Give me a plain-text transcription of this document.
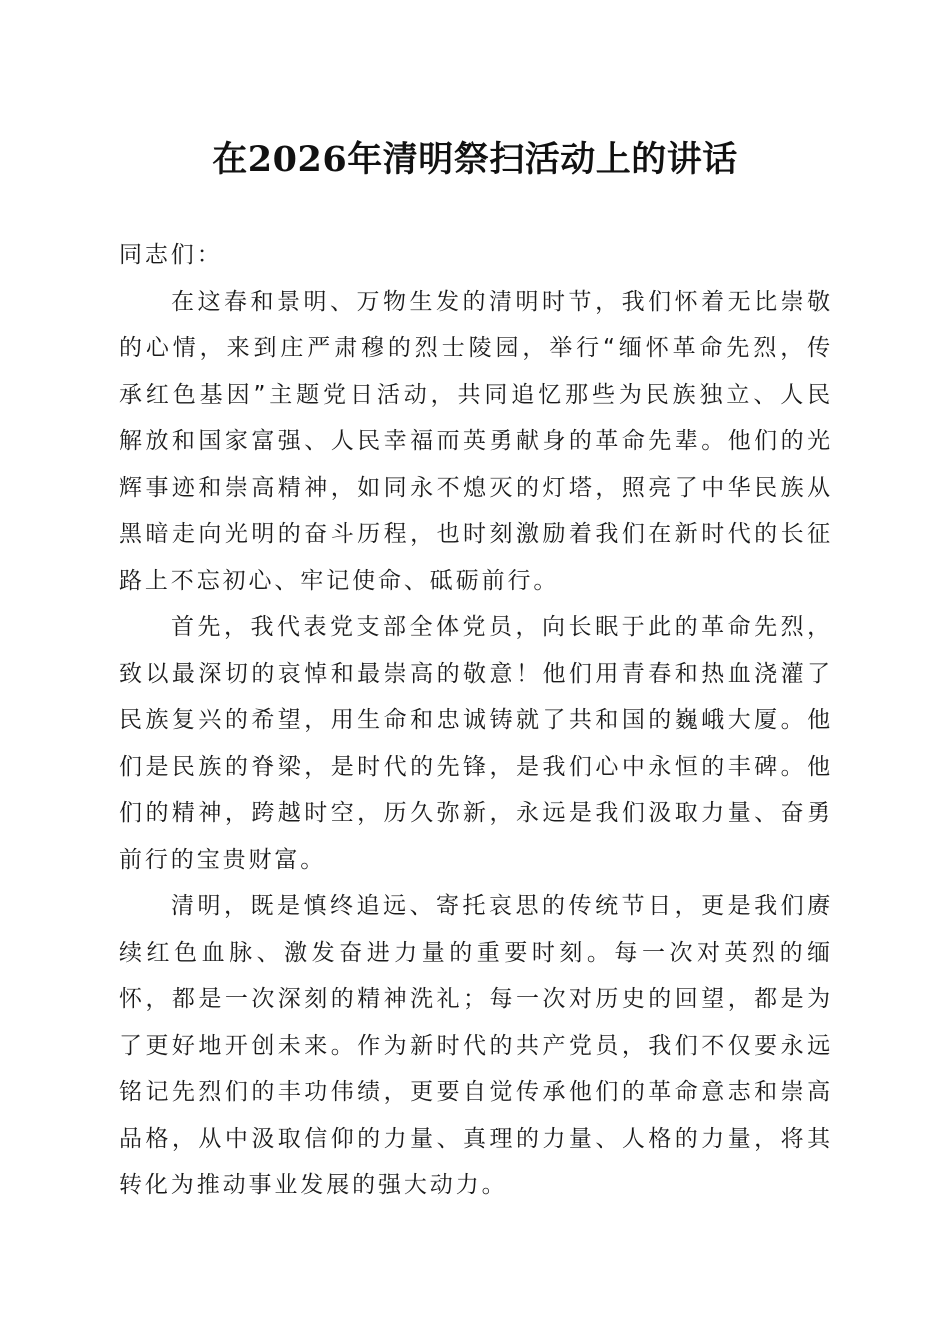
在2026年清明祭扫活动上的讲话

同志们：

在这春和景明、万物生发的清明时节，我们怀着无比崇敬的心情，来到庄严肃穆的烈士陵园，举行“缅怀革命先烈，传承红色基因”主题党日活动，共同追忆那些为民族独立、人民解放和国家富强、人民幸福而英勇献身的革命先辈。他们的光辉事迹和崇高精神，如同永不熄灭的灯塔，照亮了中华民族从黑暗走向光明的奋斗历程，也时刻激励着我们在新时代的长征路上不忘初心、牢记使命、砥砺前行。

首先，我代表党支部全体党员，向长眠于此的革命先烈，致以最深切的哀悼和最崇高的敬意！他们用青春和热血浇灌了民族复兴的希望，用生命和忠诚铸就了共和国的巍峨大厦。他们是民族的脊梁，是时代的先锋，是我们心中永恒的丰碑。他们的精神，跨越时空，历久弥新，永远是我们汲取力量、奋勇前行的宝贵财富。

清明，既是慎终追远、寄托哀思的传统节日，更是我们赓续红色血脉、激发奋进力量的重要时刻。每一次对英烈的缅怀，都是一次深刻的精神洗礼；每一次对历史的回望，都是为了更好地开创未来。作为新时代的共产党员，我们不仅要永远铭记先烈们的丰功伟绩，更要自觉传承他们的革命意志和崇高品格，从中汲取信仰的力量、真理的力量、人格的力量，将其转化为推动事业发展的强大动力。
